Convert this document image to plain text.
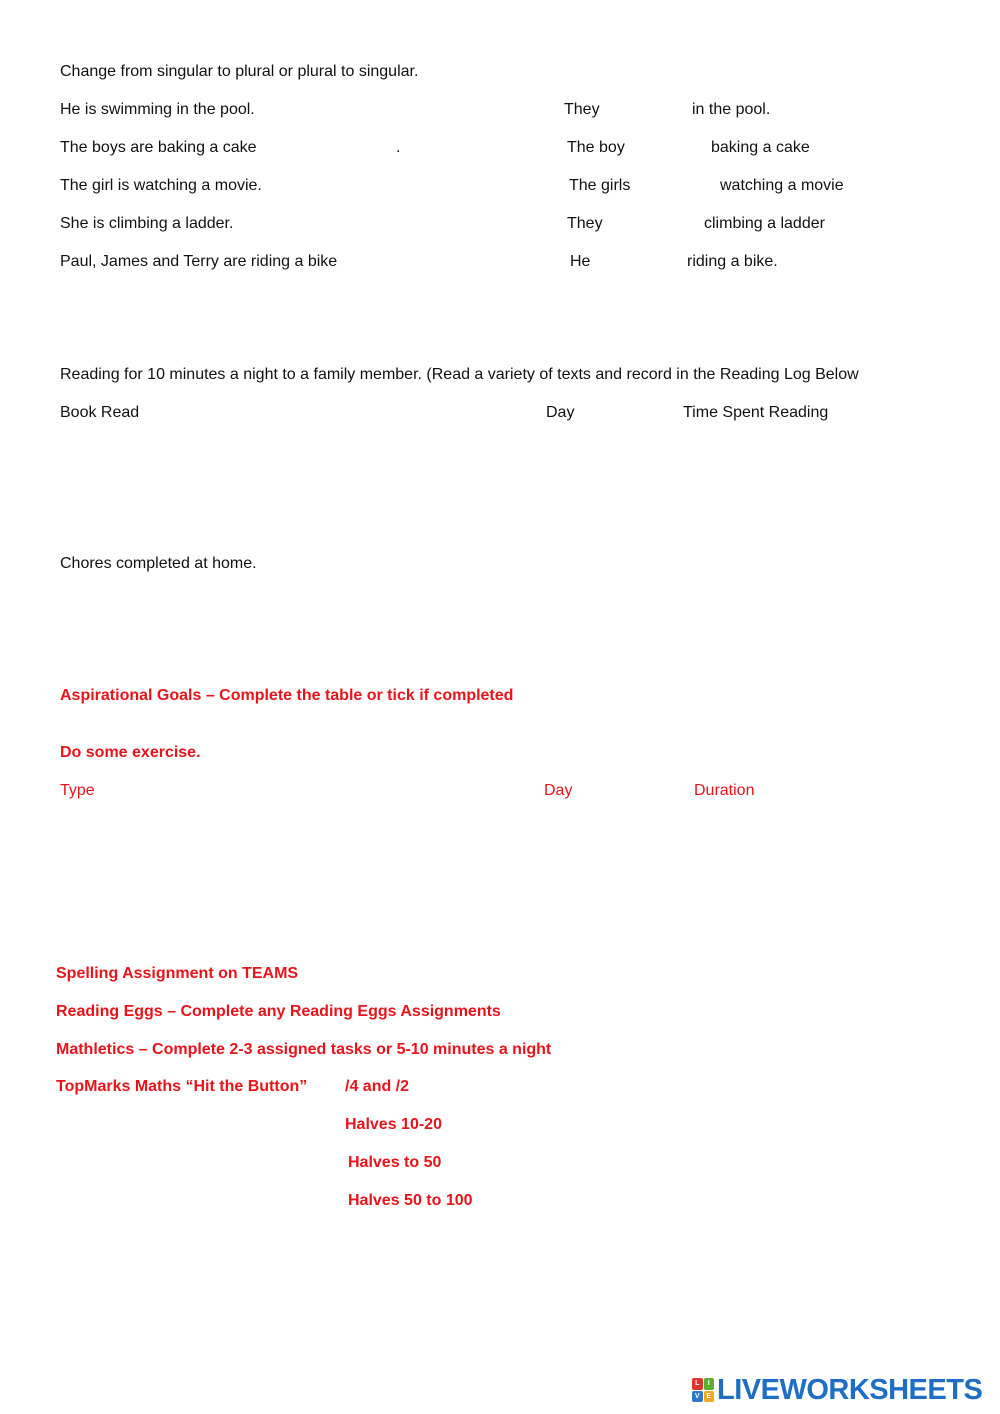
Change from singular to plural or plural to singular.
He is swimming in the pool.	They	in the pool.
The boys are baking a cake	.	The boy	baking a cake
The girl is watching a movie.	The girls	watching a movie
She is climbing a ladder.	They	climbing a ladder
Paul, James and Terry are riding a bike	He	riding a bike.
Reading for 10 minutes a night to a family member. (Read a variety of texts and record in the Reading Log Below
Book Read	Day	Time Spent Reading
Chores completed at home.
Aspirational Goals – Complete the table or tick if completed
Do some exercise.
Type	Day	Duration
Spelling Assignment on TEAMS
Reading Eggs – Complete any Reading Eggs Assignments
Mathletics – Complete 2-3 assigned tasks or 5-10 minutes a night
TopMarks Maths “Hit the Button” /4 and /2
Halves 10-20
Halves to 50
Halves 50 to 100
L	I
V E LIVEWORKSHEETS
